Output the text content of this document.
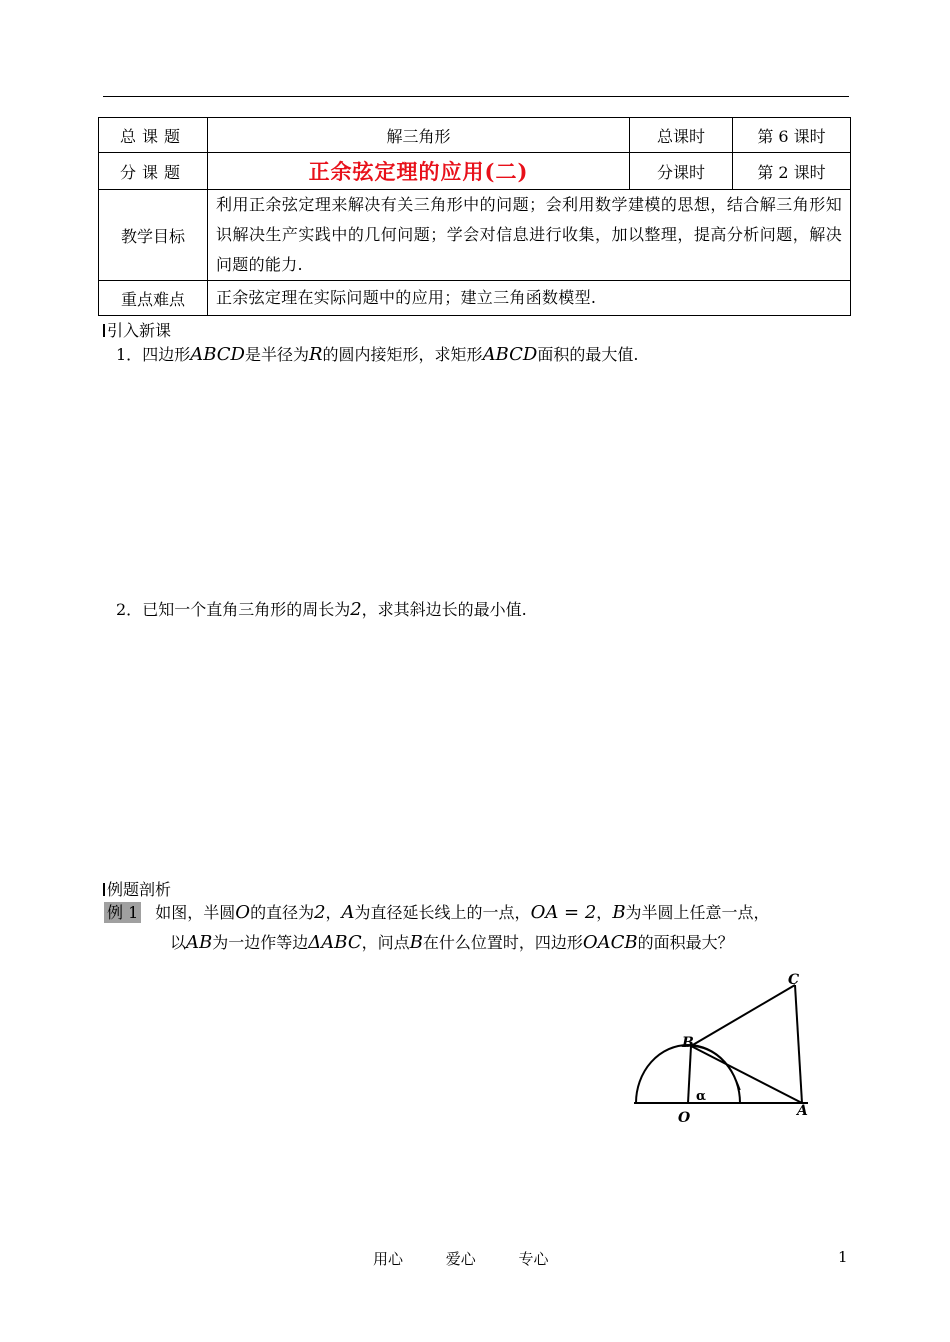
总课题	解三角形	总课时	第 6 课时
分课题	正余弦定理的应用(二)	分课时	第 2 课时
教学目标	利用正余弦定理来解决有关三角形中的问题；会利用数学建模的思想，结合解三角形知识解决生产实践中的几何问题；学会对信息进行收集，加以整理，提高分析问题，解决问题的能力.		
重点难点	正余弦定理在实际问题中的应用；建立三角函数模型.		
引入新课
1．四边形ABCD是半径为R的圆内接矩形，求矩形ABCD面积的最大值.
2．已知一个直角三角形的周长为2，求其斜边长的最小值.
例题剖析
例 1 如图，半圆O的直径为2，A为直径延长线上的一点，OA = 2，B为半圆上任意一点，
以AB为一边作等边ΔABC，问点B在什么位置时，四边形OACB的面积最大？
B
C
O	A
α
用心 爱心 专心	1
